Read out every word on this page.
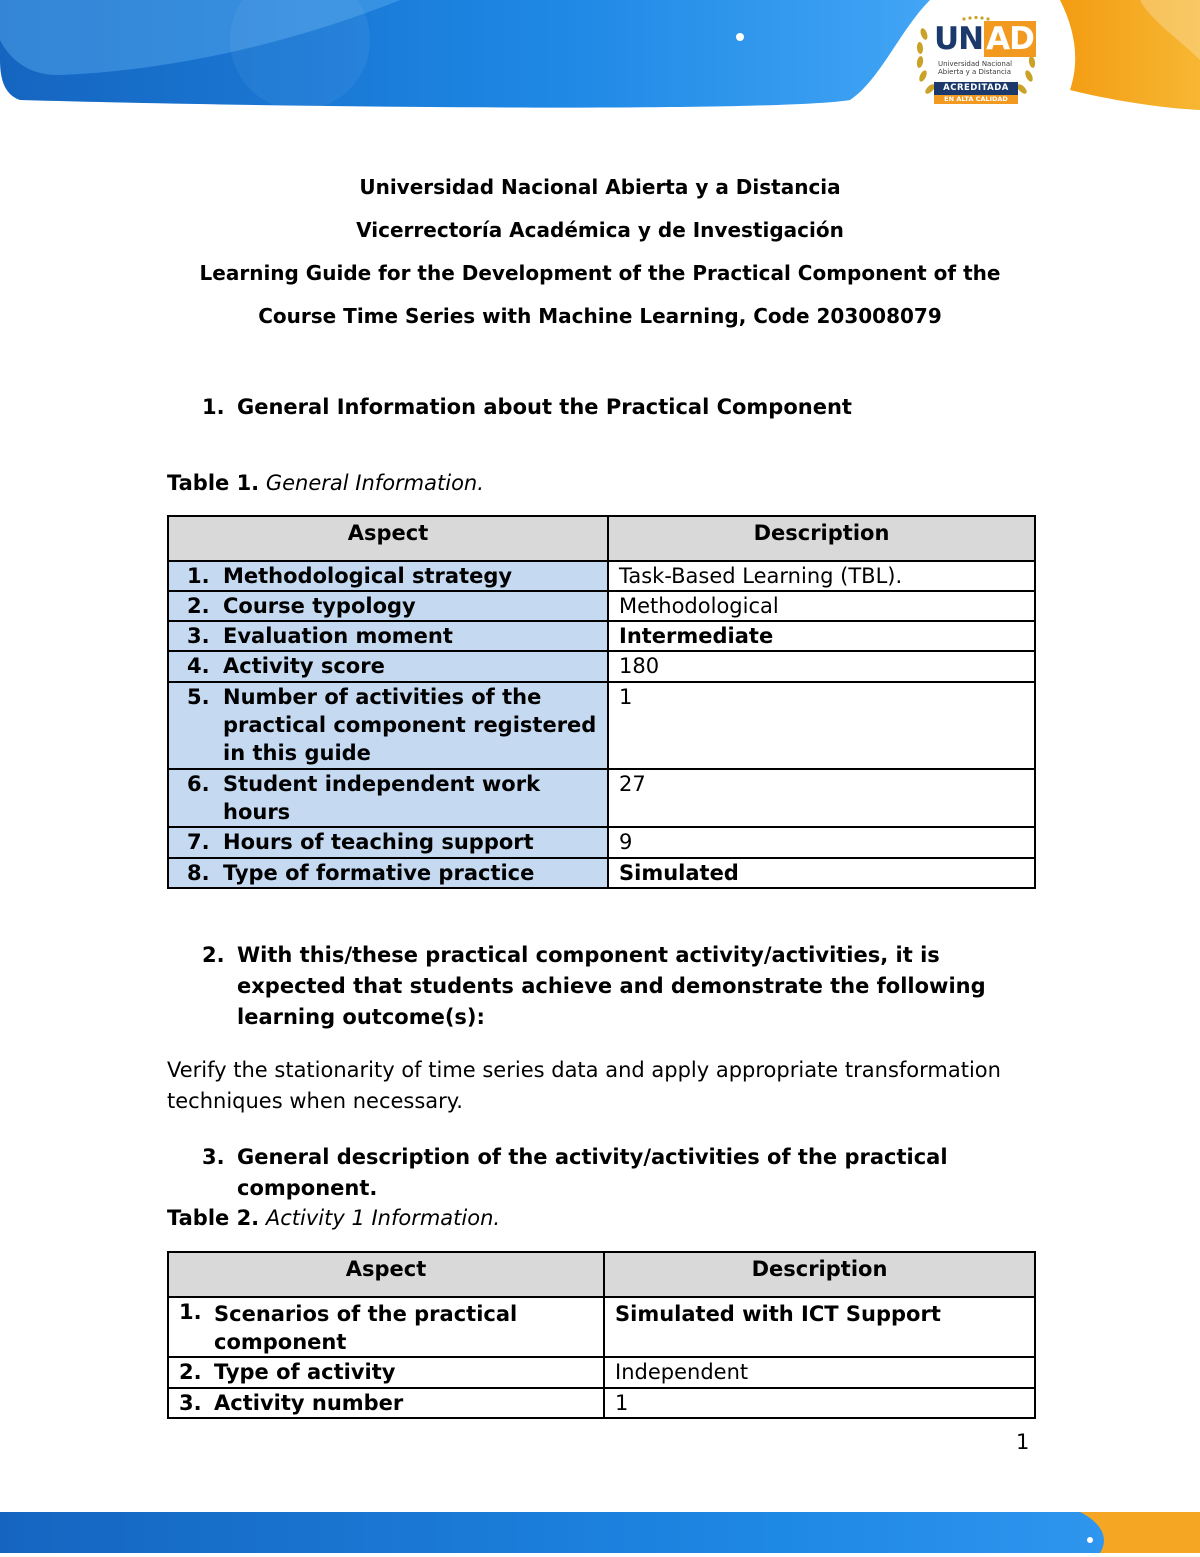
UNAD
Universidad Nacional Abierta y a Distancia
ACREDITADA
EN ALTA CALIDAD
Universidad Nacional Abierta y a Distancia
Vicerrectoría Académica y de Investigación
Learning Guide for the Development of the Practical Component of the
Course Time Series with Machine Learning, Code 203008079
1. General Information about the Practical Component
Table 1. General Information.
Aspect	Description

1. Methodological strategy	Task-Based Learning (TBL).

2. Course typology	Methodological

3. Evaluation moment	Intermediate

4. Activity score	180

5. Number of activities of the practical component registered in this guide	1

6. Student independent work hours	27

7. Hours of teaching support	9

8. Type of formative practice	Simulated
2. With this/these practical component activity/activities, it is expected that students achieve and demonstrate the following learning outcome(s):
Verify the stationarity of time series data and apply appropriate transformation techniques when necessary.
3. General description of the activity/activities of the practical component.
Table 2. Activity 1 Information.
Aspect	Description

1. Scenarios of the practical component	Simulated with ICT Support

2. Type of activity	Independent

3. Activity number	1
1
